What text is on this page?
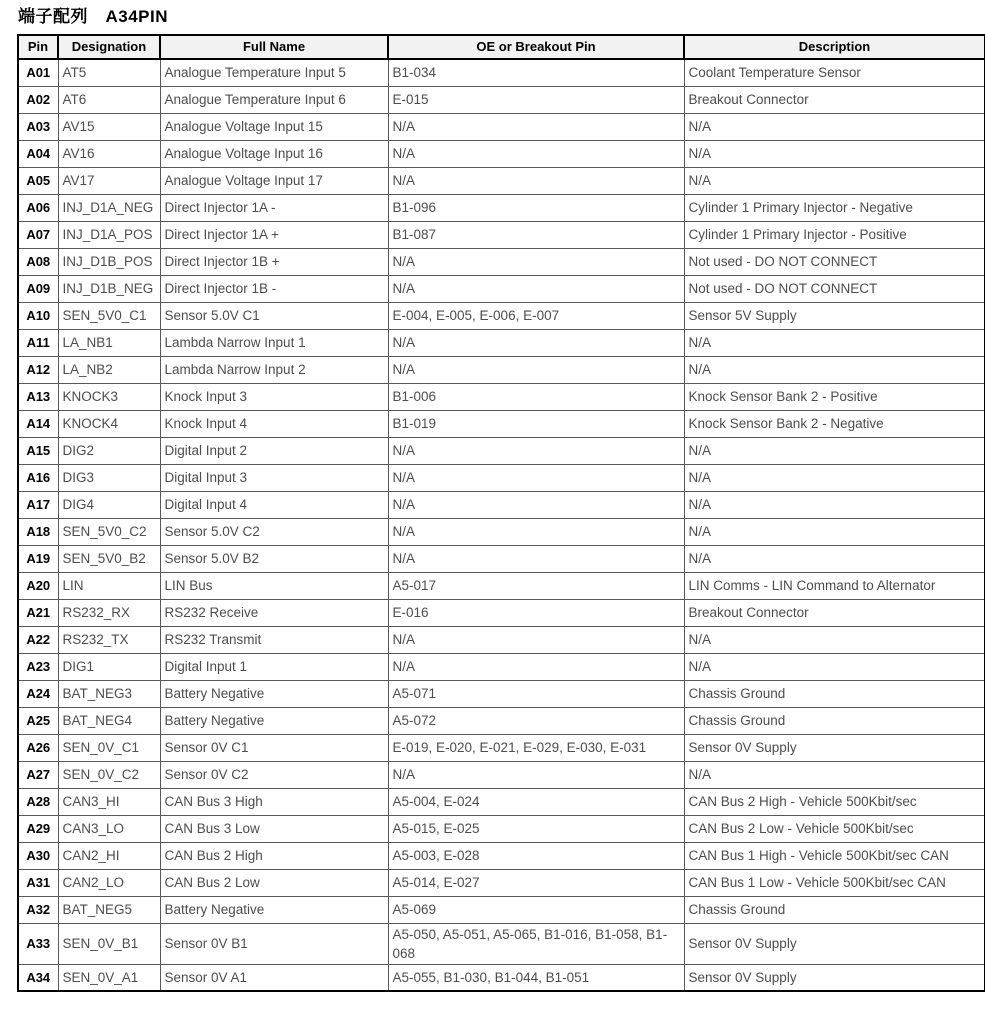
端子配列　A34PIN
Pin	Designation	Full Name	OE or Breakout Pin	Description
A01	AT5	Analogue Temperature Input 5	B1-034	Coolant Temperature Sensor
A02	AT6	Analogue Temperature Input 6	E-015	Breakout Connector
A03	AV15	Analogue Voltage Input 15	N/A	N/A
A04	AV16	Analogue Voltage Input 16	N/A	N/A
A05	AV17	Analogue Voltage Input 17	N/A	N/A
A06	INJ_D1A_NEG	Direct Injector 1A -	B1-096	Cylinder 1 Primary Injector - Negative
A07	INJ_D1A_POS	Direct Injector 1A +	B1-087	Cylinder 1 Primary Injector - Positive
A08	INJ_D1B_POS	Direct Injector 1B +	N/A	Not used - DO NOT CONNECT
A09	INJ_D1B_NEG	Direct Injector 1B -	N/A	Not used - DO NOT CONNECT
A10	SEN_5V0_C1	Sensor 5.0V C1	E-004, E-005, E-006, E-007	Sensor 5V Supply
A11	LA_NB1	Lambda Narrow Input 1	N/A	N/A
A12	LA_NB2	Lambda Narrow Input 2	N/A	N/A
A13	KNOCK3	Knock Input 3	B1-006	Knock Sensor Bank 2 - Positive
A14	KNOCK4	Knock Input 4	B1-019	Knock Sensor Bank 2 - Negative
A15	DIG2	Digital Input 2	N/A	N/A
A16	DIG3	Digital Input 3	N/A	N/A
A17	DIG4	Digital Input 4	N/A	N/A
A18	SEN_5V0_C2	Sensor 5.0V C2	N/A	N/A
A19	SEN_5V0_B2	Sensor 5.0V B2	N/A	N/A
A20	LIN	LIN Bus	A5-017	LIN Comms - LIN Command to Alternator
A21	RS232_RX	RS232 Receive	E-016	Breakout Connector
A22	RS232_TX	RS232 Transmit	N/A	N/A
A23	DIG1	Digital Input 1	N/A	N/A
A24	BAT_NEG3	Battery Negative	A5-071	Chassis Ground
A25	BAT_NEG4	Battery Negative	A5-072	Chassis Ground
A26	SEN_0V_C1	Sensor 0V C1	E-019, E-020, E-021, E-029, E-030, E-031	Sensor 0V Supply
A27	SEN_0V_C2	Sensor 0V C2	N/A	N/A
A28	CAN3_HI	CAN Bus 3 High	A5-004, E-024	CAN Bus 2 High - Vehicle 500Kbit/sec
A29	CAN3_LO	CAN Bus 3 Low	A5-015, E-025	CAN Bus 2 Low - Vehicle 500Kbit/sec
A30	CAN2_HI	CAN Bus 2 High	A5-003, E-028	CAN Bus 1 High - Vehicle 500Kbit/sec CAN
A31	CAN2_LO	CAN Bus 2 Low	A5-014, E-027	CAN Bus 1 Low - Vehicle 500Kbit/sec CAN
A32	BAT_NEG5	Battery Negative	A5-069	Chassis Ground
A33	SEN_0V_B1	Sensor 0V B1	A5-050, A5-051, A5-065, B1-016, B1-058, B1-068	Sensor 0V Supply
A34	SEN_0V_A1	Sensor 0V A1	A5-055, B1-030, B1-044, B1-051	Sensor 0V Supply
